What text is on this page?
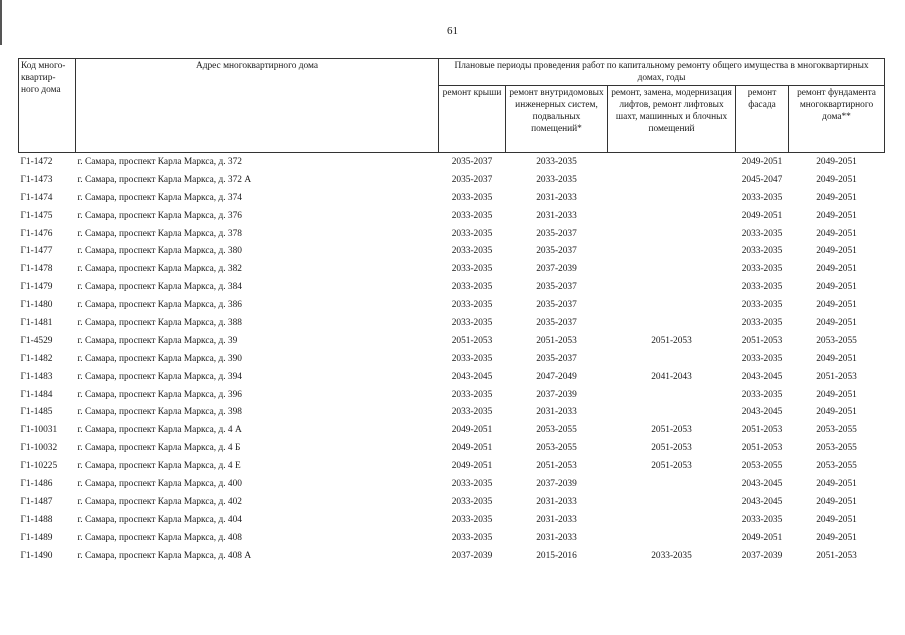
61
Код много-квартир-ного дома	Адрес многоквартирного дома	Плановые периоды проведения работ по капитальному ремонту общего имущества в многоквартирных домах, годы				
		ремонт крыши	ремонт внутридомовых инженерных систем, подвальных помещений*	ремонт, замена, модернизация лифтов, ремонт лифтовых шахт, машинных и блочных помещений	ремонт фасада	ремонт фундамента многоквартирного дома**
Г1-1472	г. Самара, проспект Карла Маркса, д. 372	2035-2037	2033-2035		2049-2051	2049-2051
Г1-1473	г. Самара, проспект Карла Маркса, д. 372 А	2035-2037	2033-2035		2045-2047	2049-2051
Г1-1474	г. Самара, проспект Карла Маркса, д. 374	2033-2035	2031-2033		2033-2035	2049-2051
Г1-1475	г. Самара, проспект Карла Маркса, д. 376	2033-2035	2031-2033		2049-2051	2049-2051
Г1-1476	г. Самара, проспект Карла Маркса, д. 378	2033-2035	2035-2037		2033-2035	2049-2051
Г1-1477	г. Самара, проспект Карла Маркса, д. 380	2033-2035	2035-2037		2033-2035	2049-2051
Г1-1478	г. Самара, проспект Карла Маркса, д. 382	2033-2035	2037-2039		2033-2035	2049-2051
Г1-1479	г. Самара, проспект Карла Маркса, д. 384	2033-2035	2035-2037		2033-2035	2049-2051
Г1-1480	г. Самара, проспект Карла Маркса, д. 386	2033-2035	2035-2037		2033-2035	2049-2051
Г1-1481	г. Самара, проспект Карла Маркса, д. 388	2033-2035	2035-2037		2033-2035	2049-2051
Г1-4529	г. Самара, проспект Карла Маркса, д. 39	2051-2053	2051-2053	2051-2053	2051-2053	2053-2055
Г1-1482	г. Самара, проспект Карла Маркса, д. 390	2033-2035	2035-2037		2033-2035	2049-2051
Г1-1483	г. Самара, проспект Карла Маркса, д. 394	2043-2045	2047-2049	2041-2043	2043-2045	2051-2053
Г1-1484	г. Самара, проспект Карла Маркса, д. 396	2033-2035	2037-2039		2033-2035	2049-2051
Г1-1485	г. Самара, проспект Карла Маркса, д. 398	2033-2035	2031-2033		2043-2045	2049-2051
Г1-10031	г. Самара, проспект Карла Маркса, д. 4 А	2049-2051	2053-2055	2051-2053	2051-2053	2053-2055
Г1-10032	г. Самара, проспект Карла Маркса, д. 4 Б	2049-2051	2053-2055	2051-2053	2051-2053	2053-2055
Г1-10225	г. Самара, проспект Карла Маркса, д. 4 Е	2049-2051	2051-2053	2051-2053	2053-2055	2053-2055
Г1-1486	г. Самара, проспект Карла Маркса, д. 400	2033-2035	2037-2039		2043-2045	2049-2051
Г1-1487	г. Самара, проспект Карла Маркса, д. 402	2033-2035	2031-2033		2043-2045	2049-2051
Г1-1488	г. Самара, проспект Карла Маркса, д. 404	2033-2035	2031-2033		2033-2035	2049-2051
Г1-1489	г. Самара, проспект Карла Маркса, д. 408	2033-2035	2031-2033		2049-2051	2049-2051
Г1-1490	г. Самара, проспект Карла Маркса, д. 408 А	2037-2039	2015-2016	2033-2035	2037-2039	2051-2053
